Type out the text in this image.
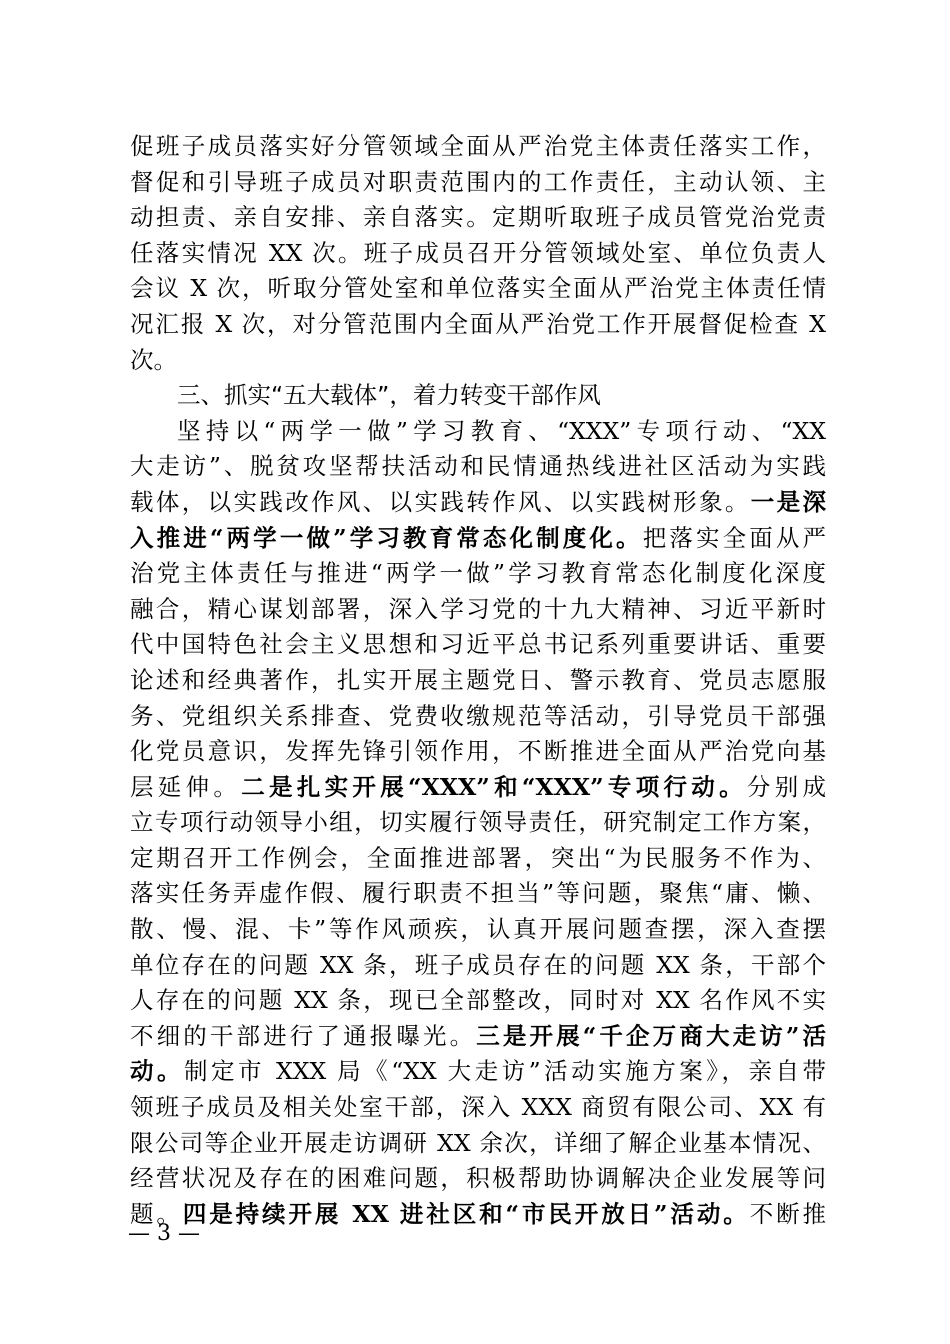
促班子成员落实好分管领域全面从严治党主体责任落实工作，
督促和引导班子成员对职责范围内的工作责任，主动认领、主
动担责、亲自安排、亲自落实。定期听取班子成员管党治党责
任落实情况 XX 次。班子成员召开分管领域处室、单位负责人
会议 X 次，听取分管处室和单位落实全面从严治党主体责任情
况汇报 X 次，对分管范围内全面从严治党工作开展督促检查 X
次。
三、抓实“五大载体”，着力转变干部作风
坚持以“两学一做”学习教育、“XXX”专项行动、“XX
大走访”、脱贫攻坚帮扶活动和民情通热线进社区活动为实践
载体，以实践改作风、以实践转作风、以实践树形象。一是深
入推进“两学一做”学习教育常态化制度化。把落实全面从严
治党主体责任与推进“两学一做”学习教育常态化制度化深度
融合，精心谋划部署，深入学习党的十九大精神、习近平新时
代中国特色社会主义思想和习近平总书记系列重要讲话、重要
论述和经典著作，扎实开展主题党日、警示教育、党员志愿服
务、党组织关系排查、党费收缴规范等活动，引导党员干部强
化党员意识，发挥先锋引领作用，不断推进全面从严治党向基
层延伸。二是扎实开展“XXX”和“XXX”专项行动。分别成
立专项行动领导小组，切实履行领导责任，研究制定工作方案，
定期召开工作例会，全面推进部署，突出“为民服务不作为、
落实任务弄虚作假、履行职责不担当”等问题，聚焦“庸、懒、
散、慢、混、卡”等作风顽疾，认真开展问题查摆，深入查摆
单位存在的问题 XX 条，班子成员存在的问题 XX 条，干部个
人存在的问题 XX 条，现已全部整改，同时对 XX 名作风不实
不细的干部进行了通报曝光。三是开展“千企万商大走访”活
动。制定市 XXX 局《“XX 大走访”活动实施方案》，亲自带
领班子成员及相关处室干部，深入 XXX 商贸有限公司、XX 有
限公司等企业开展走访调研 XX 余次，详细了解企业基本情况、
经营状况及存在的困难问题，积极帮助协调解决企业发展等问
题。四是持续开展 XX 进社区和“市民开放日”活动。不断推
— 3 —
